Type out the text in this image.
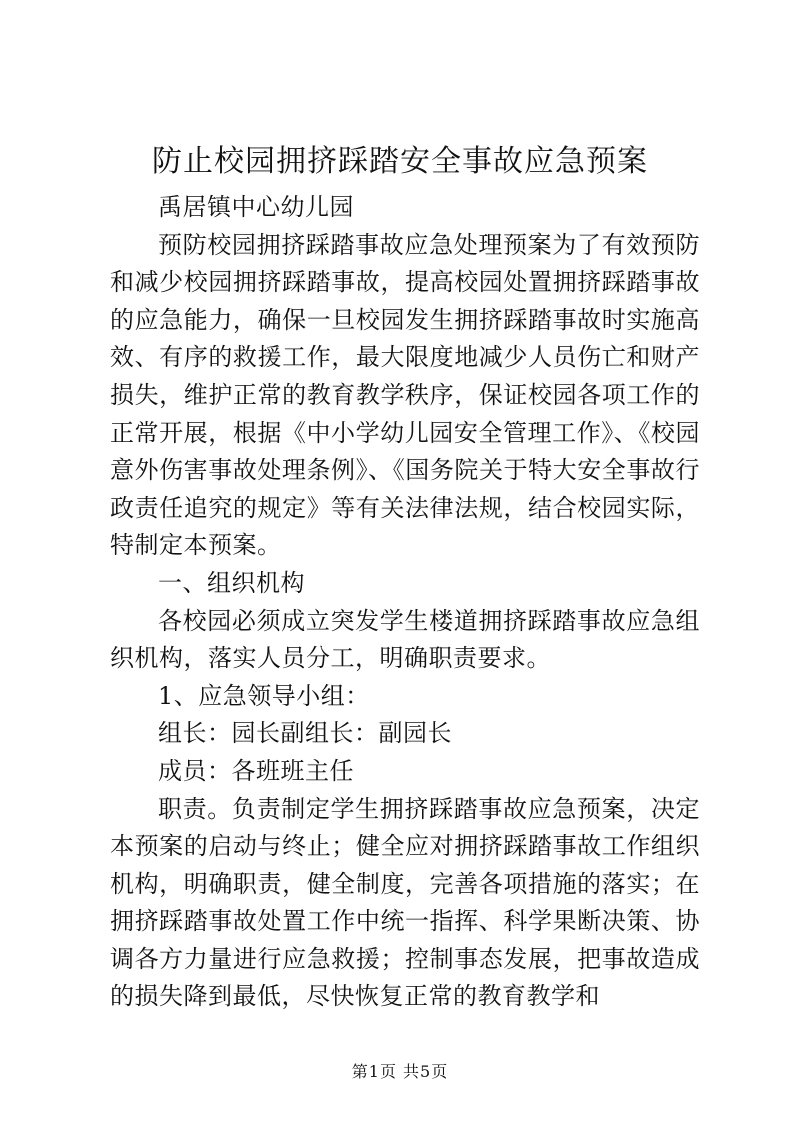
防止校园拥挤踩踏安全事故应急预案

禹居镇中心幼儿园

预防校园拥挤踩踏事故应急处理预案为了有效预防和减少校园拥挤踩踏事故，提高校园处置拥挤踩踏事故的应急能力，确保一旦校园发生拥挤踩踏事故时实施高效、有序的救援工作，最大限度地减少人员伤亡和财产损失，维护正常的教育教学秩序，保证校园各项工作的正常开展，根据《中小学幼儿园安全管理工作》、《校园意外伤害事故处理条例》、《国务院关于特大安全事故行政责任追究的规定》等有关法律法规，结合校园实际，特制定本预案。

一、组织机构

各校园必须成立突发学生楼道拥挤踩踏事故应急组织机构，落实人员分工，明确职责要求。

1、应急领导小组：

组长：园长副组长：副园长

成员：各班班主任

职责。负责制定学生拥挤踩踏事故应急预案，决定本预案的启动与终止；健全应对拥挤踩踏事故工作组织机构，明确职责，健全制度，完善各项措施的落实；在拥挤踩踏事故处置工作中统一指挥、科学果断决策、协调各方力量进行应急救援；控制事态发展，把事故造成的损失降到最低，尽快恢复正常的教育教学和

第1页 共5页
